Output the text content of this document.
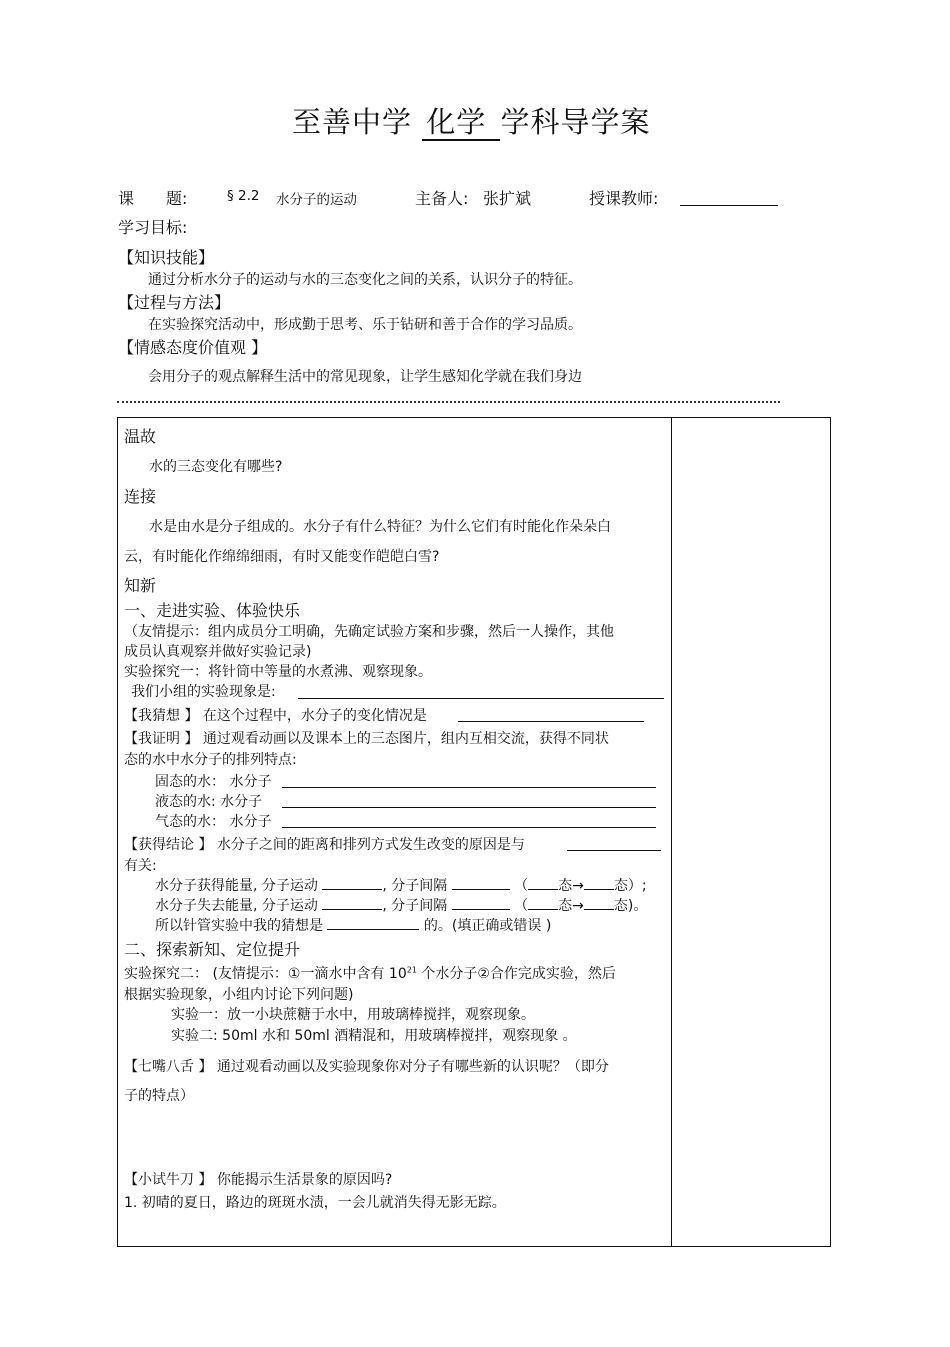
至善中学 化学 学科导学案
课　　题:	§ 2.2 水分子的运动	主备人: 张扩斌	授课教师:
学习目标:
【知识技能】
通过分析水分子的运动与水的三态变化之间的关系，认识分子的特征。
【过程与方法】
在实验探究活动中，形成勤于思考、乐于钻研和善于合作的学习品质。
【情感态度价值观 】
会用分子的观点解释生活中的常见现象，让学生感知化学就在我们身边
温故
水的三态变化有哪些?
连接
水是由水是分子组成的。水分子有什么特征？为什么它们有时能化作朵朵白
云，有时能化作绵绵细雨，有时又能变作皑皑白雪?
知新
一、走进实验、体验快乐
（友情提示：组内成员分工明确，先确定试验方案和步骤，然后一人操作，其他
成员认真观察并做好实验记录)
实验探究一：将针筒中等量的水煮沸、观察现象。
我们小组的实验现象是:
【我猜想 】 在这个过程中，水分子的变化情况是
【我证明 】 通过观看动画以及课本上的三态图片，组内互相交流，获得不同状
态的水中水分子的排列特点:
固态的水： 水分子
液态的水: 水分子
气态的水： 水分子
【获得结论 】 水分子之间的距离和排列方式发生改变的原因是与
有关:
水分子获得能量, 分子运动	, 分子间隔	（ 态→ 态）;
水分子失去能量, 分子运动	, 分子间隔	（ 态→ 态)。
所以针管实验中我的猜想是	的。(填正确或错误 )
二、探索新知、定位提升
实验探究二： (友情提示：①一滴水中含有 $10^{21}$ 个水分子②合作完成实验，然后
根据实验现象，小组内讨论下列问题)
实验一：放一小块蔗糖于水中，用玻璃棒搅拌，观察现象。
实验二: 50ml 水和 50ml 酒精混和，用玻璃棒搅拌，观察现象 。
【七嘴八舌 】 通过观看动画以及实验现象你对分子有哪些新的认识呢？（即分
子的特点）
【小试牛刀 】 你能揭示生活景象的原因吗?
1. 初晴的夏日，路边的斑斑水渍，一会儿就消失得无影无踪。
